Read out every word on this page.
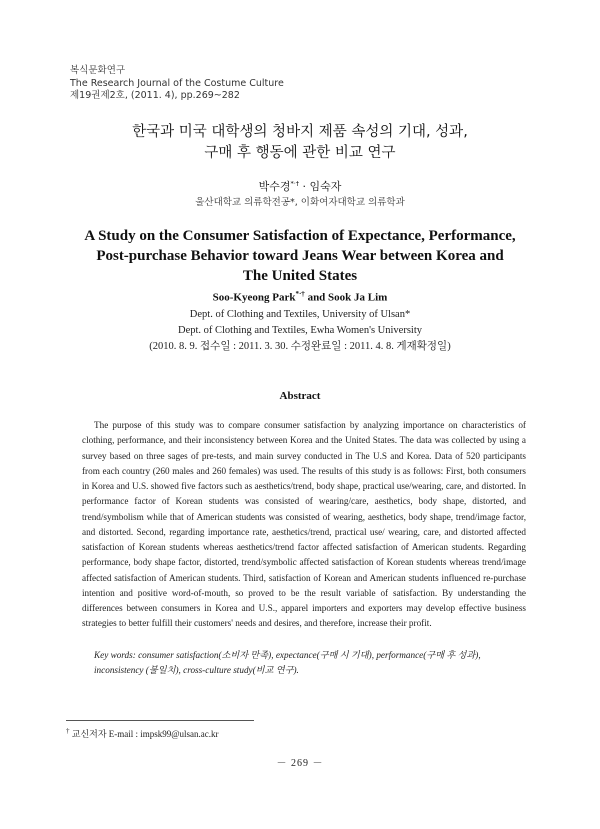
복식문화연구
The Research Journal of the Costume Culture
제19권제2호, (2011. 4), pp.269~282
한국과 미국 대학생의 청바지 제품 속성의 기대, 성과,
구매 후 행동에 관한 비교 연구
박수경*·† · 임숙자
울산대학교 의류학전공*, 이화여자대학교 의류학과
A Study on the Consumer Satisfaction of Expectance, Performance,
Post-purchase Behavior toward Jeans Wear between Korea and
The United States
Soo-Kyeong Park*·† and Sook Ja Lim
Dept. of Clothing and Textiles, University of Ulsan*
Dept. of Clothing and Textiles, Ewha Women's University
(2010. 8. 9. 접수일 : 2011. 3. 30. 수정완료일 : 2011. 4. 8. 게재확정일)
Abstract

The purpose of this study was to compare consumer satisfaction by analyzing importance on characteristics of clothing, performance, and their inconsistency between Korea and the United States. The data was collected by using a survey based on three sages of pre-tests, and main survey conducted in The U.S and Korea. Data of 520 participants from each country (260 males and 260 females) was used. The results of this study is as follows: First, both consumers in Korea and U.S. showed five factors such as aesthetics/trend, body shape, practical use/wearing, care, and distorted. In performance factor of Korean students was consisted of wearing/care, aesthetics, body shape, distorted, and trend/symbolism while that of American students was consisted of wearing, aesthetics, body shape, trend/image factor, and distorted. Second, regarding importance rate, aesthetics/trend, practical use/ wearing, care, and distorted affected satisfaction of Korean students whereas aesthetics/trend factor affected satisfaction of American students. Regarding performance, body shape factor, distorted, trend/symbolic affected satisfaction of Korean students whereas trend/image affected satisfaction of American students. Third, satisfaction of Korean and American students influenced re-purchase intention and positive word-of-mouth, so proved to be the result variable of satisfaction. By understanding the differences between consumers in Korea and U.S., apparel importers and exporters may develop effective business strategies to better fulfill their customers' needs and desires, and therefore, increase their profit.

Key words: consumer satisfaction(소비자 만족), expectance(구매 시 기대), performance(구매 후 성과), inconsistency (불일치), cross-culture study(비교 연구).
† 교신저자 E-mail : impsk99@ulsan.ac.kr
－ 269 －
